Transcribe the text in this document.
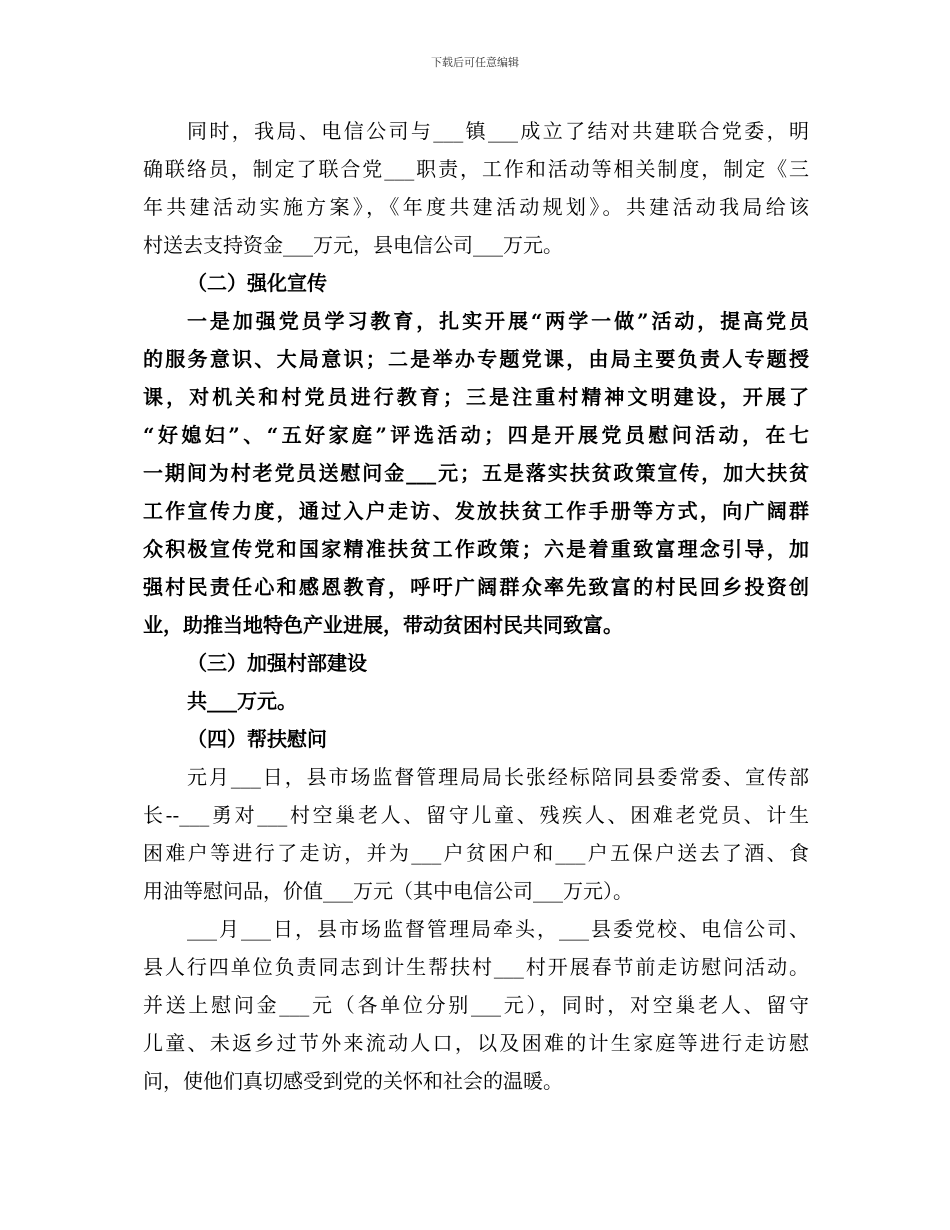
下载后可任意编辑
同时，我局、电信公司与___镇___成立了结对共建联合党委，明
确联络员，制定了联合党___职责，工作和活动等相关制度，制定《三
年共建活动实施方案》，《年度共建活动规划》。共建活动我局给该
村送去支持资金___万元，县电信公司___万元。
（二）强化宣传
一是加强党员学习教育，扎实开展“两学一做”活动，提高党员
的服务意识、大局意识；二是举办专题党课，由局主要负责人专题授
课，对机关和村党员进行教育；三是注重村精神文明建设，开展了
“好媳妇”、“五好家庭”评选活动；四是开展党员慰问活动，在七
一期间为村老党员送慰问金___元；五是落实扶贫政策宣传，加大扶贫
工作宣传力度，通过入户走访、发放扶贫工作手册等方式，向广阔群
众积极宣传党和国家精准扶贫工作政策；六是着重致富理念引导，加
强村民责任心和感恩教育，呼吁广阔群众率先致富的村民回乡投资创
业，助推当地特色产业进展，带动贫困村民共同致富。
（三）加强村部建设
共___万元。
（四）帮扶慰问
元月___日，县市场监督管理局局长张经标陪同县委常委、宣传部
长--___勇对___村空巢老人、留守儿童、残疾人、困难老党员、计生
困难户等进行了走访，并为___户贫困户和___户五保户送去了酒、食
用油等慰问品，价值___万元（其中电信公司___万元）。
___月___日，县市场监督管理局牵头，___县委党校、电信公司、
县人行四单位负责同志到计生帮扶村___村开展春节前走访慰问活动。
并送上慰问金___元（各单位分别___元），同时，对空巢老人、留守
儿童、未返乡过节外来流动人口，以及困难的计生家庭等进行走访慰
问，使他们真切感受到党的关怀和社会的温暖。
